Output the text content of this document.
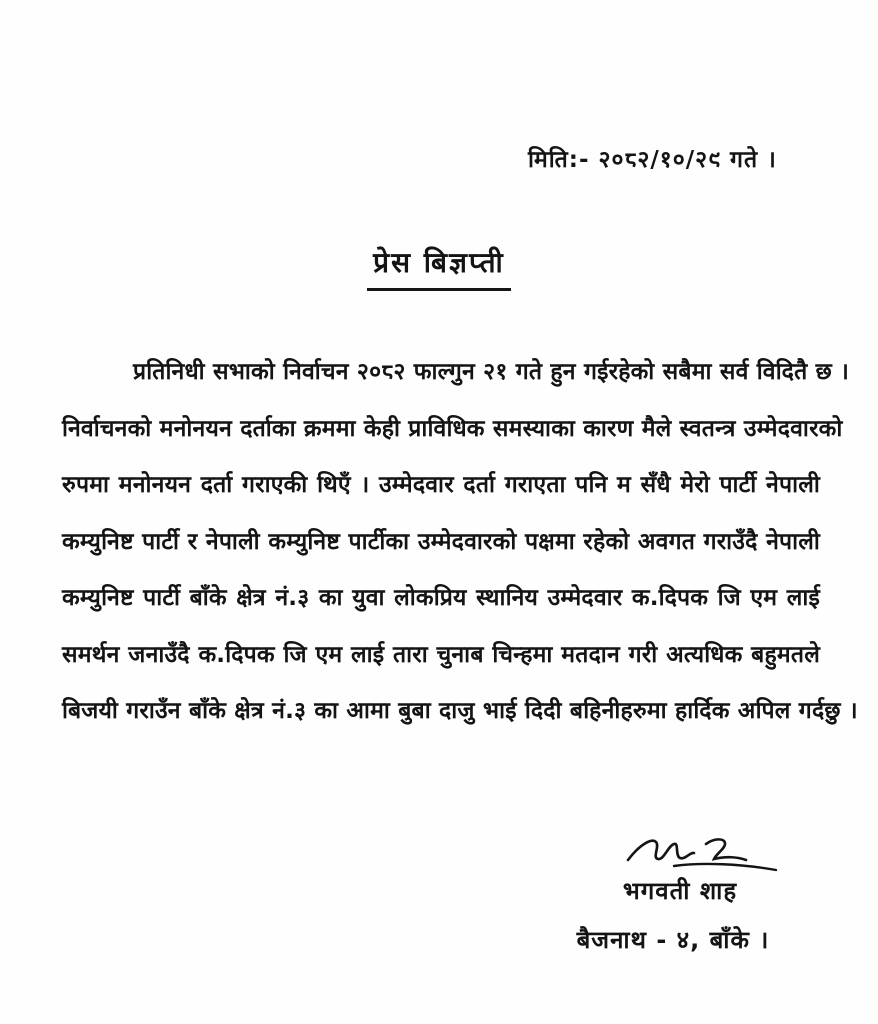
मिति:- २०८२/१०/२९ गते ।
प्रेस बिज्ञप्ती
प्रतिनिधी सभाको निर्वाचन २०८२ फाल्गुन २१ गते हुन गईरहेको सबैमा सर्व विदितै छ ।
निर्वाचनको मनोनयन दर्ताका क्रममा केही प्राविधिक समस्याका कारण मैले स्वतन्त्र उम्मेदवारको
रुपमा मनोनयन दर्ता गराएकी थिएँ । उम्मेदवार दर्ता गराएता पनि म सँधै मेरो पार्टी नेपाली
कम्युनिष्ट पार्टी र नेपाली कम्युनिष्ट पार्टीका उम्मेदवारको पक्षमा रहेको अवगत गराउँदै नेपाली
कम्युनिष्ट पार्टी बाँके क्षेत्र नं.३ का युवा लोकप्रिय स्थानिय उम्मेदवार क.दिपक जि एम लाई
समर्थन जनाउँदै क.दिपक जि एम लाई तारा चुनाब चिन्हमा मतदान गरी अत्यधिक बहुमतले
बिजयी गराउँन बाँके क्षेत्र नं.३ का आमा बुबा दाजु भाई दिदी बहिनीहरुमा हार्दिक अपिल गर्दछु ।
भगवती शाह
बैजनाथ - ४, बाँके ।
